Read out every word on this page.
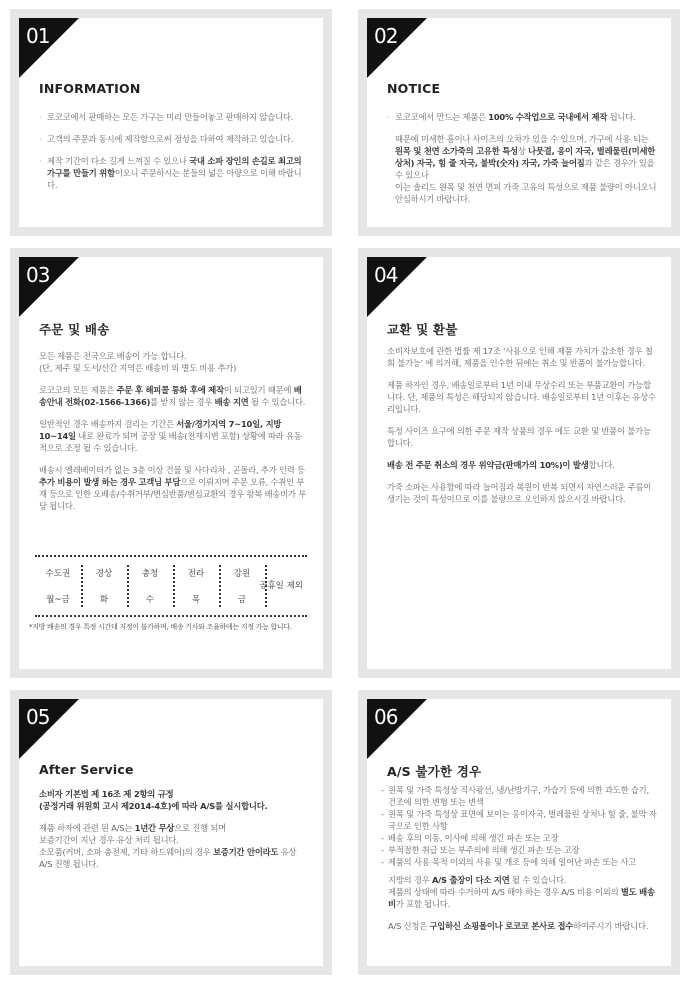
01
INFORMATION
· 로코코에서 판매하는 모든 가구는 미리 만들어놓고 판매하지 않습니다.
· 고객의 주문과 동시에 제작함으로써 정성을 다하여 제작하고 있습니다.
· 제작 기간이 다소 길게 느껴질 수 있으나 국내 소파 장인의 손길로 최고의 가구를 만들기 위함이오니 주문하시는 분들의 넓은 아량으로 이해 바랍니다.
02
NOTICE
· 로코코에서 만드는 제품은 100% 수작업으로 국내에서 제작 됩니다.

때문에 미세한 흠이나 사이즈의 오차가 있을 수 있으며, 가구에 사용 되는 원목 및 천연 소가죽의 고유한 특성상 나뭇결, 옹이 자국, 벌레물린(미세한 상처) 자국, 힘 줄 자국, 불박(숫자) 자국, 가죽 늘어짐과 같은 경우가 있을 수 있으나
이는 솔리드 원목 및 천연 면피 가죽 고유의 특성으로 제품 불량이 아니오니 안심하시기 바랍니다.

03
주문 및 배송

모든 제품은 전국으로 배송이 가능 합니다.
(단, 제주 및 도서/산간 지역은 배송비 외 별도 비용 추가)

로코코의 모든 제품은 주문 후 해피콜 통화 후에 제작이 되고있기 때문에 배송안내 전화(02-1566-1366)를 받지 않는 경우 배송 지연 될 수 있습니다.

일반적인 경우 배송까지 걸리는 기간은 서울/경기지역 7~10일, 지방 10~14일 내로 완료가 되며 공장 및 배송(천재지변 포함) 상황에 따라 유동적으로 조정 될 수 있습니다.

배송시 엘레베이터가 없는 3층 이상 건물 및 사다리차 , 곤돌라, 추가 인력 등 추가 비용이 발생 하는 경우 고객님 부담으로 이뤄지며 주문 오류, 수취인 부재 등으로 인한 오배송/수취거부/변심반품/변심교환의 경우 왕복 배송비가 부담 됩니다.

수도권	경상	충청	전라	강원
월~금	화	수	목	금
공휴일 제외
*지방 배송의 경우 특정 시간대 지정이 불가하며, 배송 기사와 조율하에는 지정 가능 합니다.
04
교환 및 환불

소비자보호에 관한 법률 제 17조 '사용으로 인해 제품 가치가 감소한 경우 철회 불가능' 에 의거해, 제품을 인수한 뒤에는 취소 및 반품이 불가능합니다.

제품 하자인 경우, 배송일로부터 1년 이내 무상수리 또는 부품교환이 가능합니다. 단, 제품의 특성은 해당되지 않습니다. 배송일로부터 1년 이후는 유상수리입니다.

특정 사이즈 요구에 의한 주문 제작 상품의 경우 에도 교환 및 반품이 불가능합니다.

배송 전 주문 취소의 경우 위약금(판매가의 10%)이 발생합니다.

가죽 소파는 사용함에 따라 늘어짐과 복원이 반복 되면서 자연스러운 주름이 생기는 것이 특성이므로 이를 불량으로 오인하지 않으시길 바랍니다.

05
After Service

소비자 기본법 제 16조 제 2항의 규정
(공정거래 위원회 고시 제2014-4호)에 따라 A/S를 실시합니다.

제품 하자에 관련 된 A/S는 1년간 무상으로 진행 되며
보증기간이 지난 경우 유상 처리 됩니다.
소모품(커버, 소파 충전제, 기타 하드웨어)의 경우 보증기간 안이라도 유상 A/S 진행 됩니다.

06
A/S 불가한 경우
- 원목 및 가죽 특성상 직사광선, 냉/난방기구, 가습기 등에 의한 과도한 습기, 건조에 의한 변형 또는 변색
- 원목 및 가죽 특성상 표면에 보이는 옹이자국, 벌레물린 상처나 힘 줄, 불박 자국으로 인한 사항
- 배송 후의 이동, 이사에 의해 생긴 파손 또는 고장
- 부적절한 취급 또는 부주의에 의해 생긴 파손 또는 고장
- 제품의 사용 목적 이외의 사용 및 개조 등에 의해 일어난 파손 또는 사고

지방의 경우 A/S 출장이 다소 지연 될 수 있습니다.

제품의 상태에 따라 수거하여 A/S 해야 하는 경우 A/S 비용 이외의 별도 배송비가 포함 됩니다.

A/S 신청은 구입하신 쇼핑몰이나 로코코 본사로 접수하여주시기 바랍니다.
